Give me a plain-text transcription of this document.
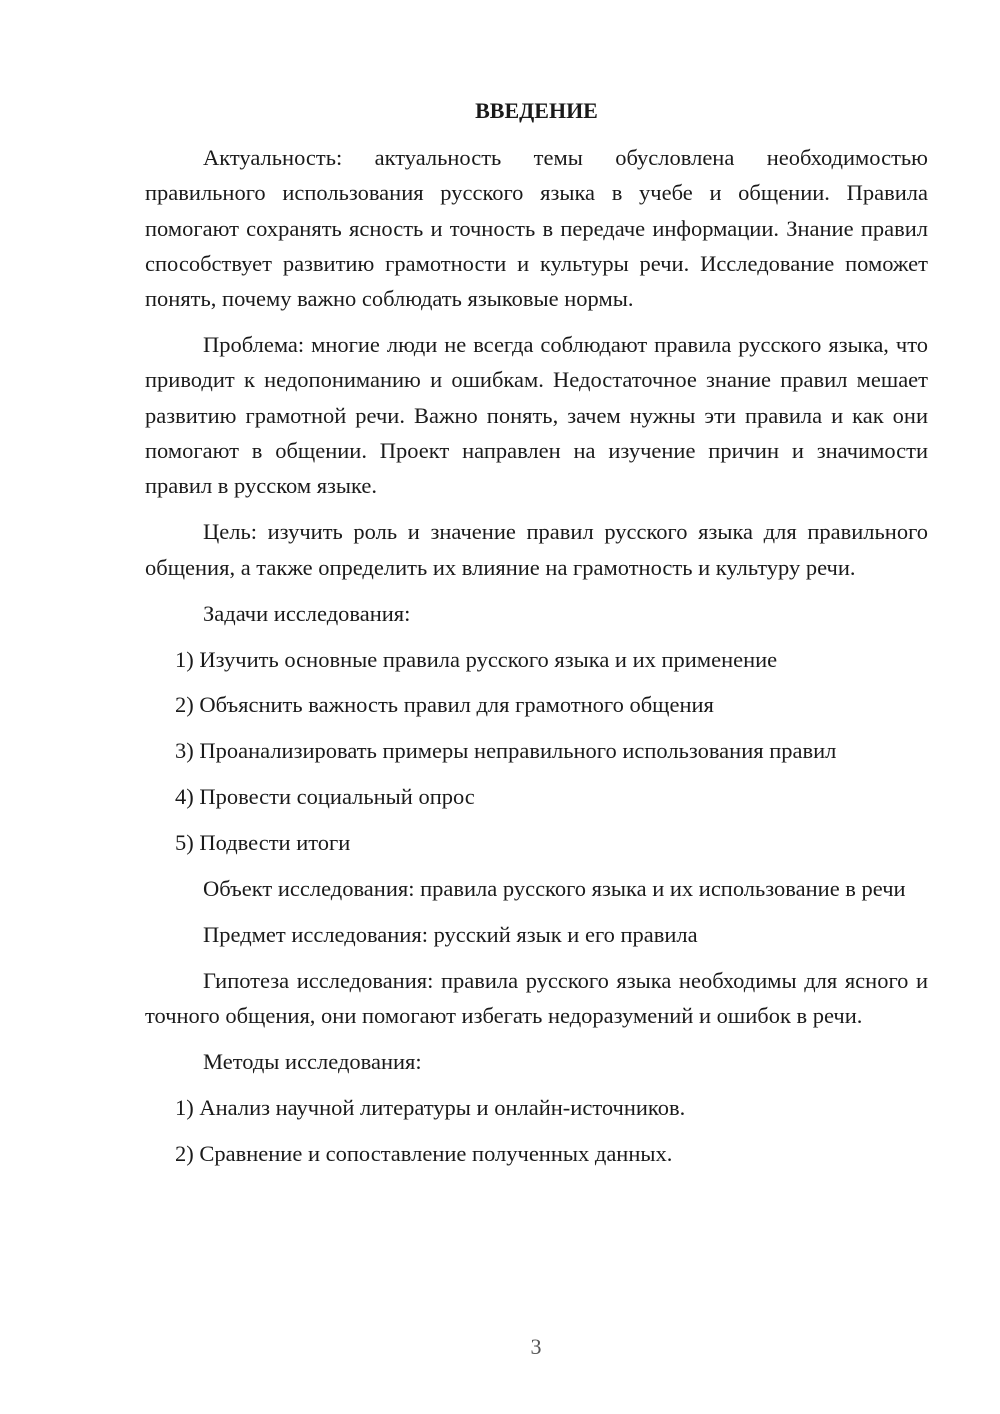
ВВЕДЕНИЕ

Актуальность: актуальность темы обусловлена необходимостью правильного использования русского языка в учебе и общении. Правила помогают сохранять ясность и точность в передаче информации. Знание правил способствует развитию грамотности и культуры речи. Исследование поможет понять, почему важно соблюдать языковые нормы.

Проблема: многие люди не всегда соблюдают правила русского языка, что приводит к недопониманию и ошибкам. Недостаточное знание правил мешает развитию грамотной речи. Важно понять, зачем нужны эти правила и как они помогают в общении. Проект направлен на изучение причин и значимости правил в русском языке.

Цель: изучить роль и значение правил русского языка для правильного общения, а также определить их влияние на грамотность и культуру речи.

Задачи исследования:

1) Изучить основные правила русского языка и их применение
2) Объяснить важность правил для грамотного общения
3) Проанализировать примеры неправильного использования правил
4) Провести социальный опрос
5) Подвести итоги

Объект исследования: правила русского языка и их использование в речи

Предмет исследования: русский язык и его правила

Гипотеза исследования: правила русского языка необходимы для ясного и точного общения, они помогают избегать недоразумений и ошибок в речи.

Методы исследования:

1) Анализ научной литературы и онлайн-источников.
2) Сравнение и сопоставление полученных данных.
3
